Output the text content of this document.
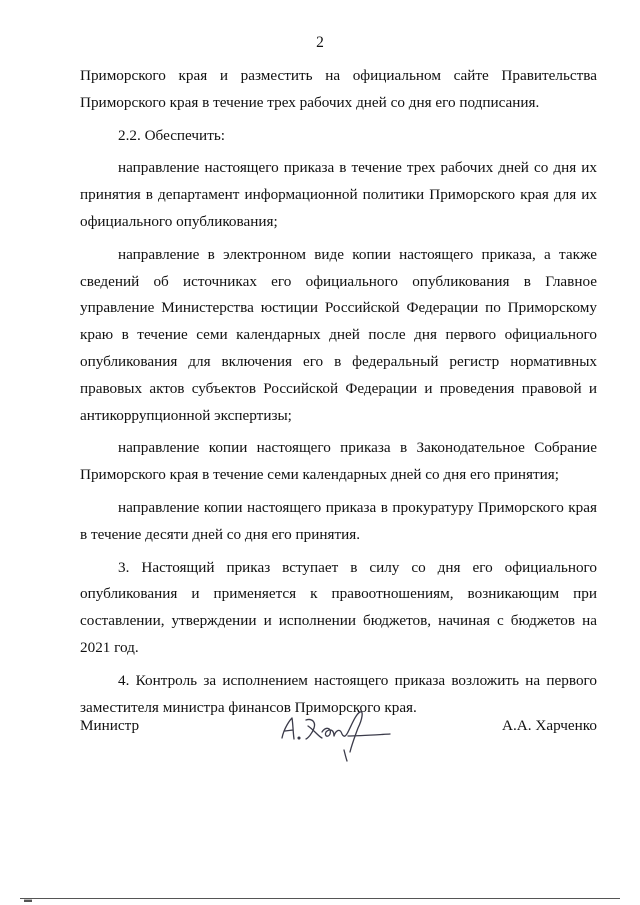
2

Приморского края и разместить на официальном сайте Правительства Приморского края в течение трех рабочих дней со дня его подписания.

2.2. Обеспечить:

направление настоящего приказа в течение трех рабочих дней со дня их принятия в департамент информационной политики Приморского края для их официального опубликования;

направление в электронном виде копии настоящего приказа, а также сведений об источниках его официального опубликования в Главное управление Министерства юстиции Российской Федерации по Приморскому краю в течение семи календарных дней после дня первого официального опубликования для включения его в федеральный регистр нормативных правовых актов субъектов Российской Федерации и проведения правовой и антикоррупционной экспертизы;

направление копии настоящего приказа в Законодательное Собрание Приморского края в течение семи календарных дней со дня его принятия;

направление копии настоящего приказа в прокуратуру Приморского края в течение десяти дней со дня его принятия.

3. Настоящий приказ вступает в силу со дня его официального опубликования и применяется к правоотношениям, возникающим при составлении, утверждении и исполнении бюджетов, начиная с бюджетов на 2021 год.

4. Контроль за исполнением настоящего приказа возложить на первого заместителя министра финансов Приморского края.

Министр	А.А. Харченко
▬
